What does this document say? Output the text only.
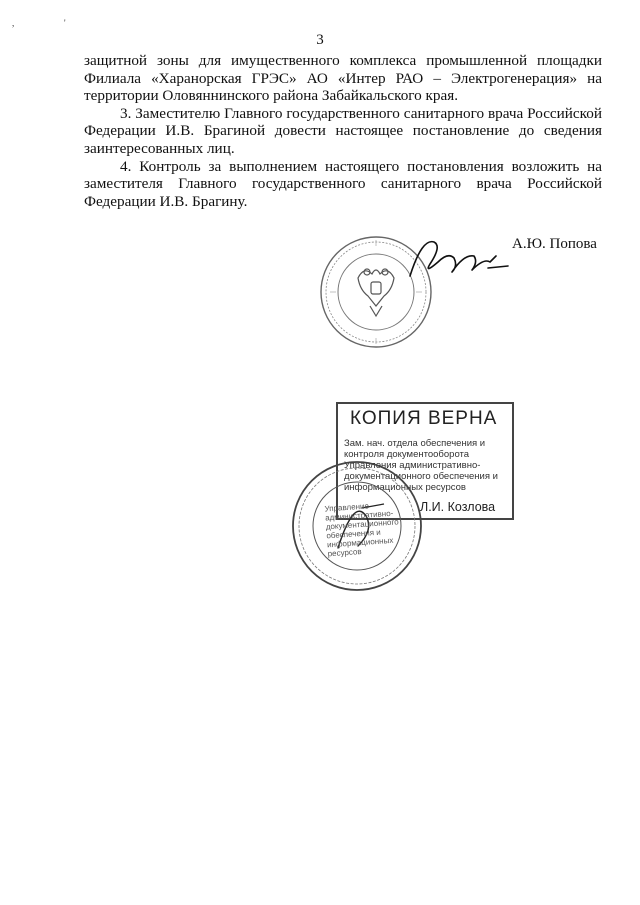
,	'
3

защитной зоны для имущественного комплекса промышленной площадки Филиала «Харанорская ГРЭС» АО «Интер РАО – Электрогенерация» на территории Оловяннинского района Забайкальского края.

3. Заместителю Главного государственного санитарного врача Российской Федерации И.В. Брагиной довести настоящее постановление до сведения заинтересованных лиц.

4. Контроль за выполнением настоящего постановления возложить на заместителя Главного государственного санитарного врача Российской Федерации И.В. Брагину.

А.Ю. Попова
КОПИЯ ВЕРНА
Зам. нач. отдела обеспечения и контроля документооборота Управления административно-документационного обеспечения и информационных ресурсов
Л.И. Козлова
Управление административно-документационного обеспечения и информационных ресурсов
